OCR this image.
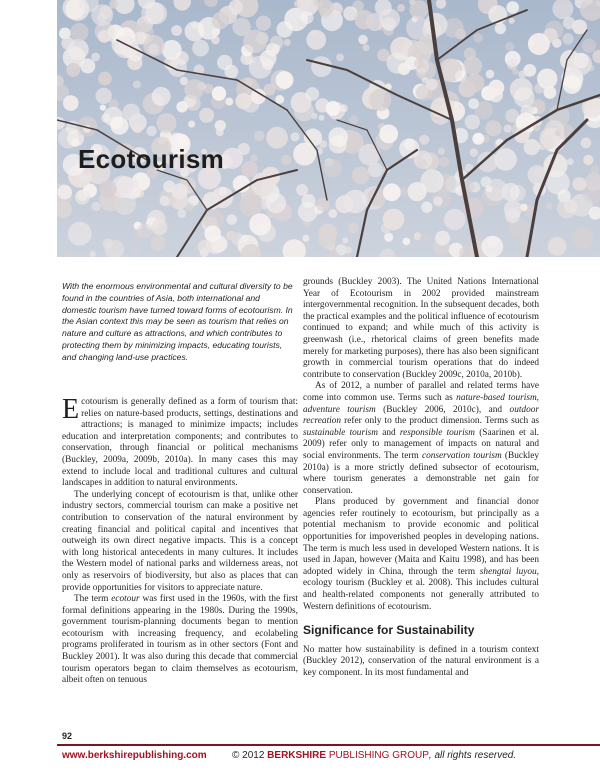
Ecotourism
With the enormous environmental and cultural diversity to be found in the countries of Asia, both international and domestic tourism have turned toward forms of ecotourism. In the Asian context this may be seen as tourism that relies on nature and culture as attractions, and which contributes to protecting them by minimizing impacts, educating tourists, and changing land-use practices.

Ecotourism is generally defined as a form of tourism that: relies on nature-based products, settings, destinations and attractions; is managed to minimize impacts; includes education and interpretation components; and contributes to conservation, through financial or political mechanisms (Buckley, 2009a, 2009b, 2010a). In many cases this may extend to include local and traditional cultures and cultural landscapes in addition to natural environments.

The underlying concept of ecotourism is that, unlike other industry sectors, commercial tourism can make a positive net contribution to conservation of the natural environment by creating financial and political capital and incentives that outweigh its own direct negative impacts. This is a concept with long historical antecedents in many cultures. It includes the Western model of national parks and wilderness areas, not only as reservoirs of biodiversity, but also as places that can provide opportunities for visitors to appreciate nature.

The term ecotour was first used in the 1960s, with the first formal definitions appearing in the 1980s. During the 1990s, government tourism-planning documents began to mention ecotourism with increasing frequency, and ecolabeling programs proliferated in tourism as in other sectors (Font and Buckley 2001). It was also during this decade that commercial tourism operators began to claim themselves as ecotourism, albeit often on tenuous

grounds (Buckley 2003). The United Nations International Year of Ecotourism in 2002 provided mainstream intergovernmental recognition. In the subsequent decades, both the practical examples and the political influence of ecotourism continued to expand; and while much of this activity is greenwash (i.e., rhetorical claims of green benefits made merely for marketing purposes), there has also been significant growth in commercial tourism operations that do indeed contribute to conservation (Buckley 2009c, 2010a, 2010b).

As of 2012, a number of parallel and related terms have come into common use. Terms such as nature-based tourism, adventure tourism (Buckley 2006, 2010c), and outdoor recreation refer only to the product dimension. Terms such as sustainable tourism and responsible tourism (Saarinen et al. 2009) refer only to management of impacts on natural and social environments. The term conservation tourism (Buckley 2010a) is a more strictly defined subsector of ecotourism, where tourism generates a demonstrable net gain for conservation.

Plans produced by government and financial donor agencies refer routinely to ecotourism, but principally as a potential mechanism to provide economic and political opportunities for impoverished peoples in developing nations. The term is much less used in developed Western nations. It is used in Japan, however (Maita and Kaitu 1998), and has been adopted widely in China, through the term shengtai luyou, ecology tourism (Buckley et al. 2008). This includes cultural and health-related components not generally attributed to Western definitions of ecotourism.

Significance for Sustainability

No matter how sustainability is defined in a tourism context (Buckley 2012), conservation of the natural environment is a key component. In its most fundamental and

92
www.berkshirepublishing.com	© 2012 BERKSHIRE PUBLISHING GROUP, all rights reserved.
